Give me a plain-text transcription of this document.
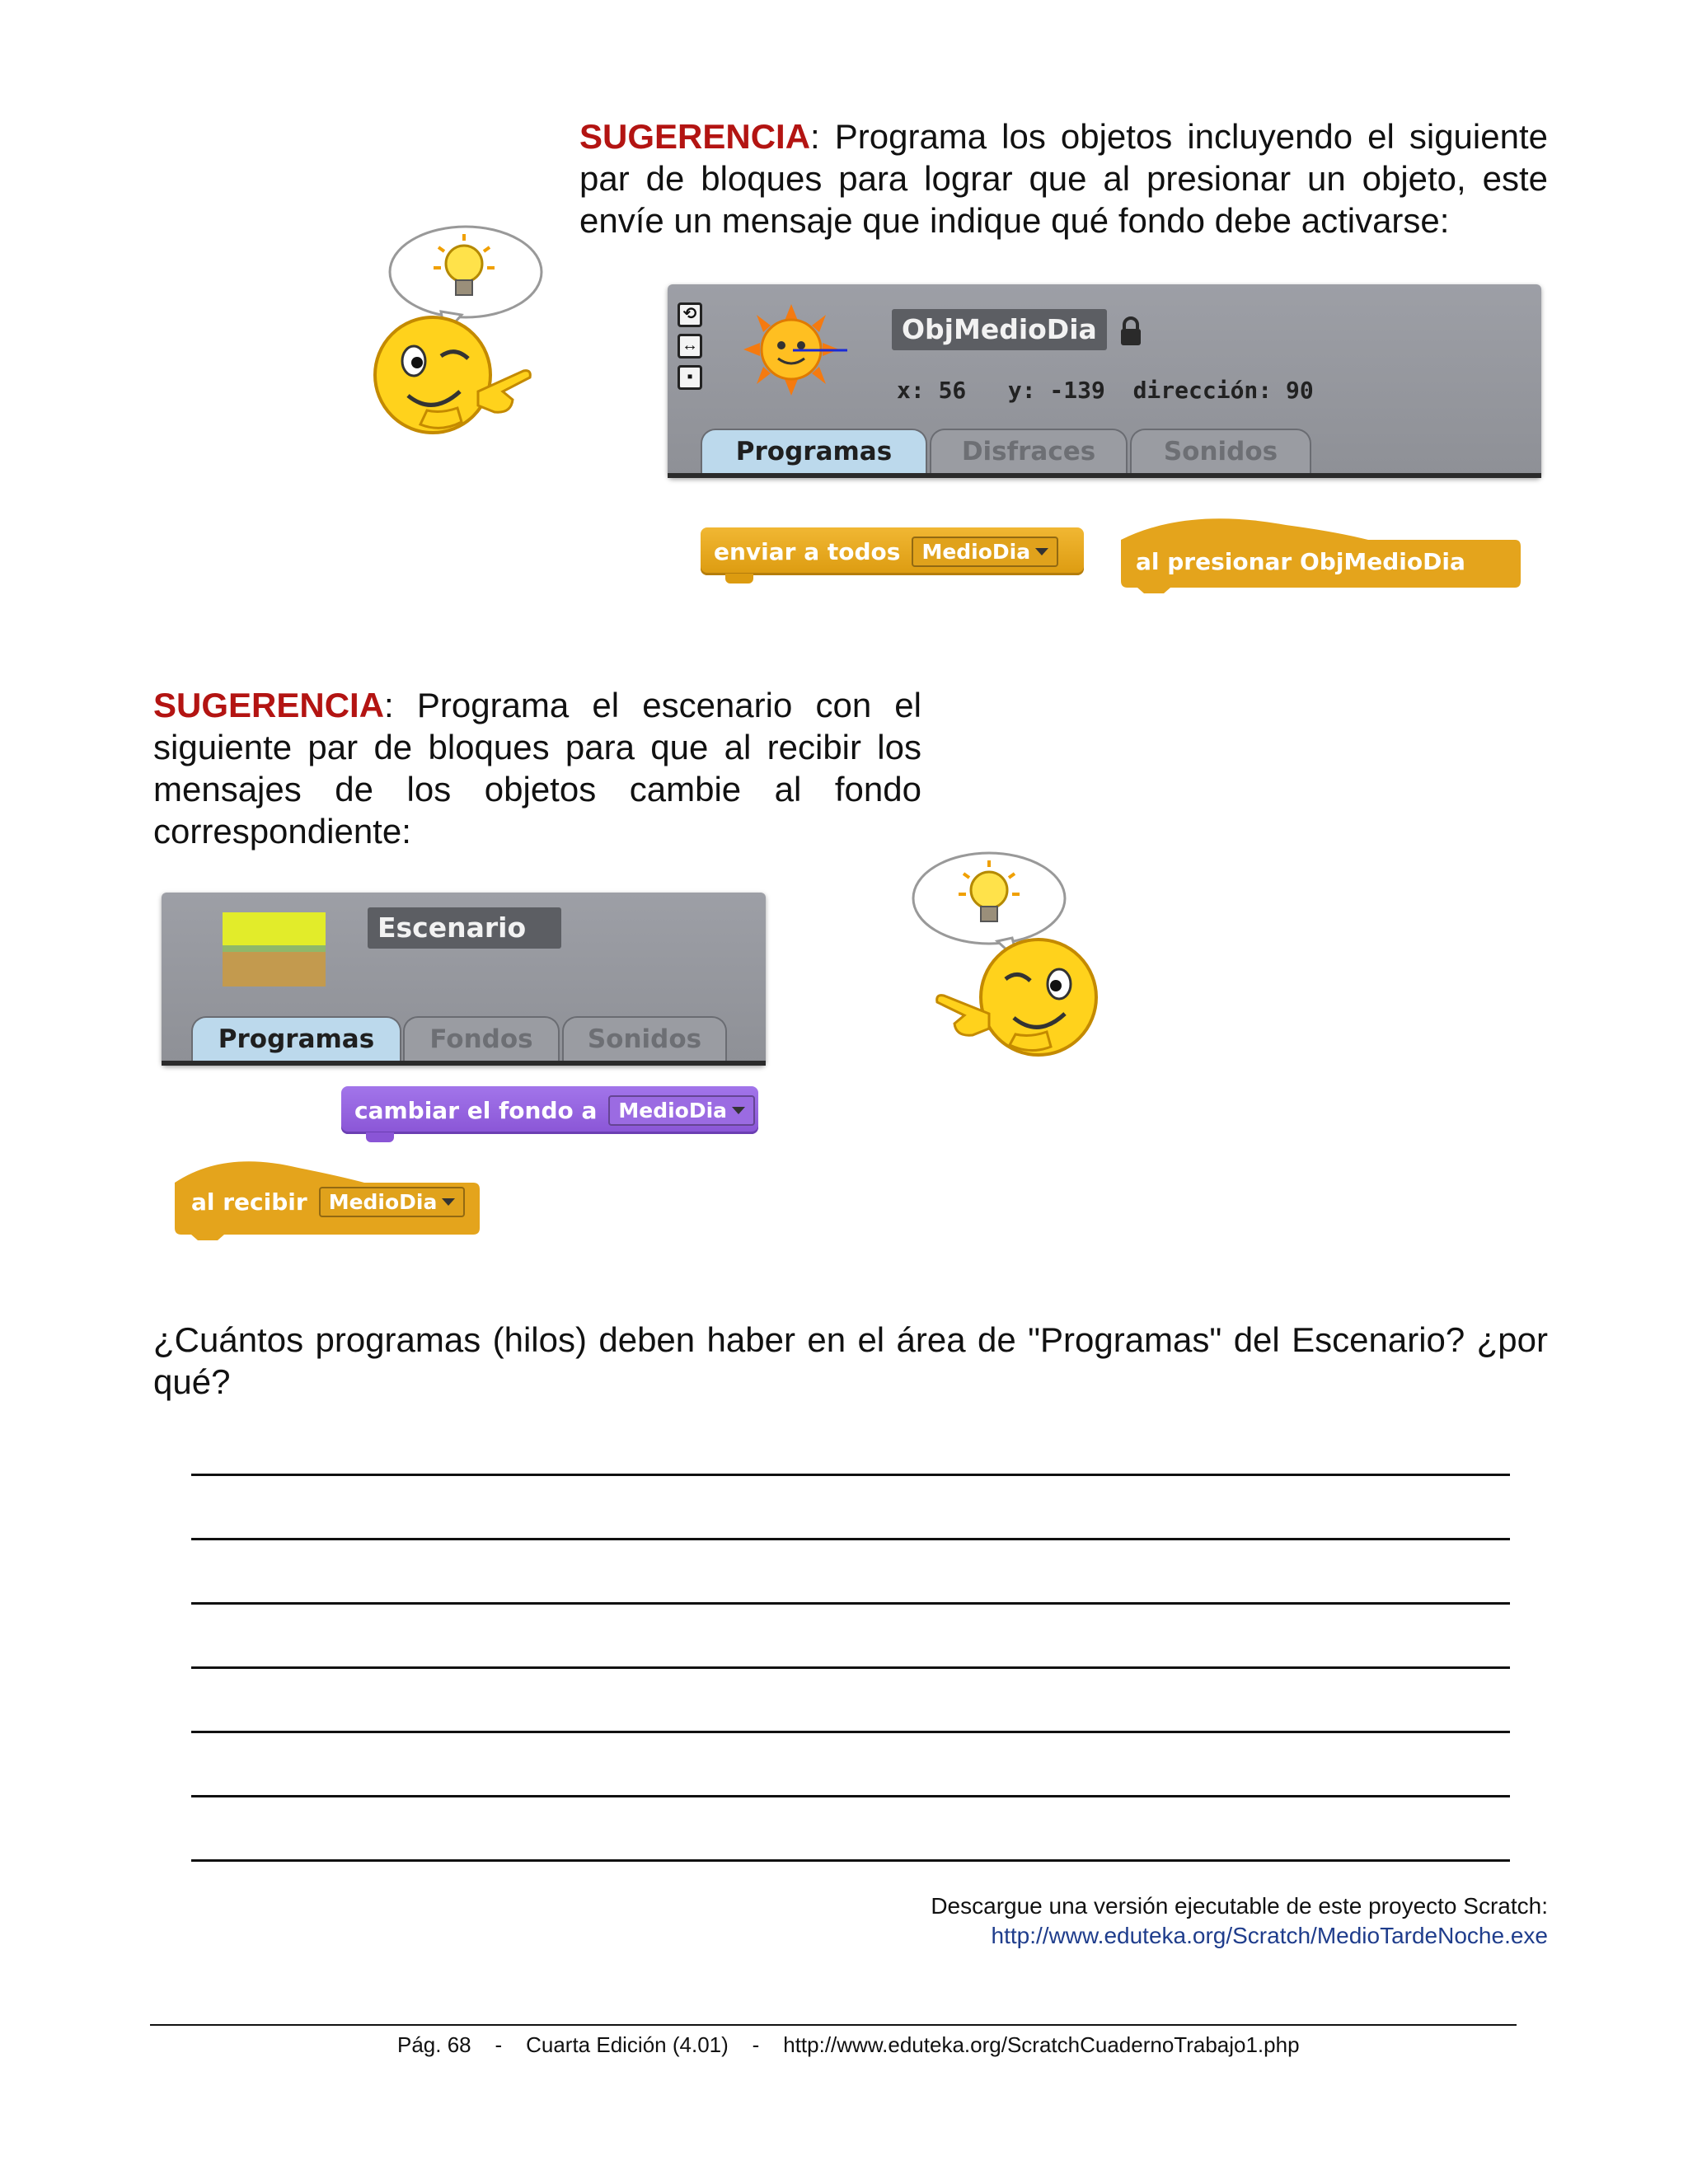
SUGERENCIA: Programa los objetos incluyendo el siguiente par de bloques para lograr que al presionar un objeto, este envíe un mensaje que indique qué fondo debe activarse:
⟲
↔
▪
ObjMedioDia
x: 56   y: -139  dirección: 90
Programas	Disfraces	Sonidos
enviar a todos MedioDia	al presionar ObjMedioDia
SUGERENCIA: Programa el escenario con el siguiente par de bloques para que al recibir los mensajes de los objetos cambie al fondo correspondiente:
Escenario
Programas	Fondos	Sonidos
cambiar el fondo a MedioDia
al recibir MedioDia
¿Cuántos programas (hilos) deben haber en el área de "Programas" del Escenario? ¿por qué?
Descargue una versión ejecutable de este proyecto Scratch:
http://www.eduteka.org/Scratch/MedioTardeNoche.exe
Pág. 68 - Cuarta Edición (4.01) - http://www.eduteka.org/ScratchCuadernoTrabajo1.php
